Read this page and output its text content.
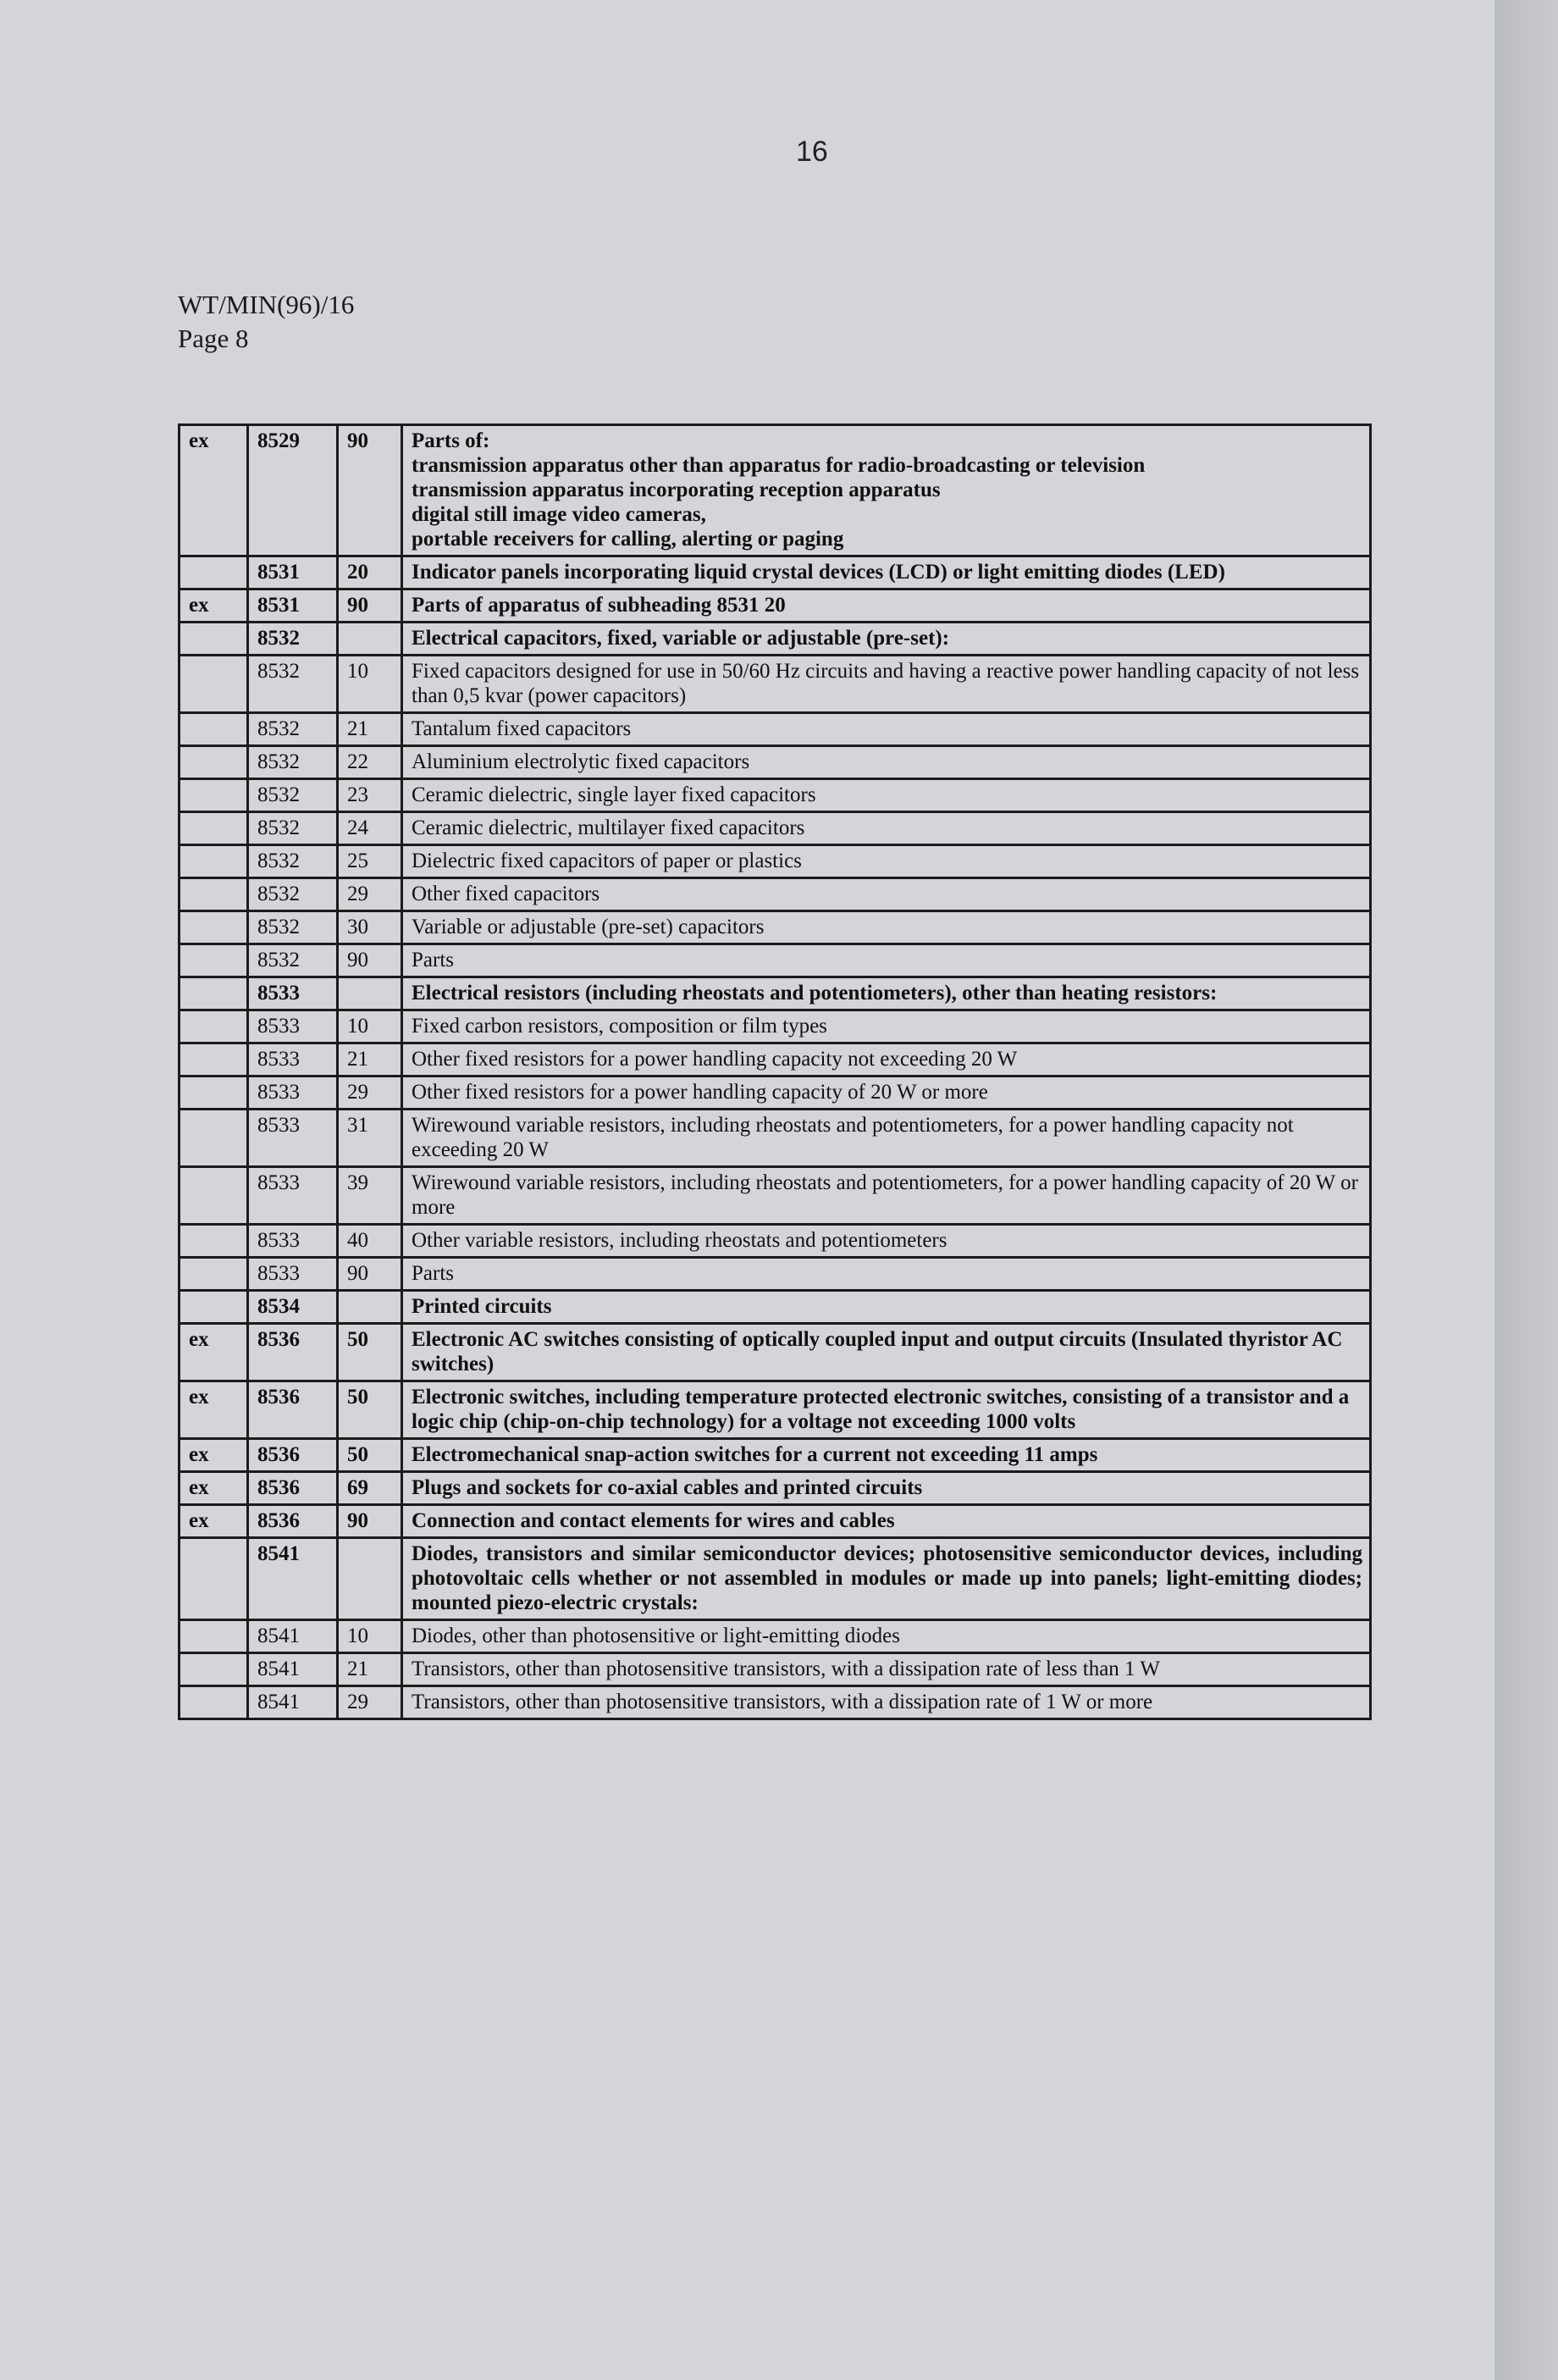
16
WT/MIN(96)/16
Page 8
ex	8529	90	Parts of:
transmission apparatus other than apparatus for radio-broadcasting or television
transmission apparatus incorporating reception apparatus
digital still image video cameras,
portable receivers for calling, alerting or paging

	8531	20	Indicator panels incorporating liquid crystal devices (LCD) or light emitting diodes (LED)

ex	8531	90	Parts of apparatus of subheading 8531 20

	8532		Electrical capacitors, fixed, variable or adjustable (pre-set):

	8532	10	Fixed capacitors designed for use in 50/60 Hz circuits and having a reactive power handling capacity of not less than 0,5 kvar (power capacitors)

	8532	21	Tantalum fixed capacitors

	8532	22	Aluminium electrolytic fixed capacitors

	8532	23	Ceramic dielectric, single layer fixed capacitors

	8532	24	Ceramic dielectric, multilayer fixed capacitors

	8532	25	Dielectric fixed capacitors of paper or plastics

	8532	29	Other fixed capacitors

	8532	30	Variable or adjustable (pre-set) capacitors

	8532	90	Parts

	8533		Electrical resistors (including rheostats and potentiometers), other than heating resistors:

	8533	10	Fixed carbon resistors, composition or film types

	8533	21	Other fixed resistors for a power handling capacity not exceeding 20 W

	8533	29	Other fixed resistors for a power handling capacity of 20 W or more

	8533	31	Wirewound variable resistors, including rheostats and potentiometers, for a power handling capacity not exceeding 20 W

	8533	39	Wirewound variable resistors, including rheostats and potentiometers, for a power handling capacity of 20 W or more

	8533	40	Other variable resistors, including rheostats and potentiometers

	8533	90	Parts

	8534		Printed circuits

ex	8536	50	Electronic AC switches consisting of optically coupled input and output circuits (Insulated thyristor AC switches)

ex	8536	50	Electronic switches, including temperature protected electronic switches, consisting of a transistor and a logic chip (chip-on-chip technology) for a voltage not exceeding 1000 volts

ex	8536	50	Electromechanical snap-action switches for a current not exceeding 11 amps

ex	8536	69	Plugs and sockets for co-axial cables and printed circuits

ex	8536	90	Connection and contact elements for wires and cables

	8541		Diodes, transistors and similar semiconductor devices; photosensitive semiconductor devices, including photovoltaic cells whether or not assembled in modules or made up into panels; light-emitting diodes; mounted piezo-electric crystals:

	8541	10	Diodes, other than photosensitive or light-emitting diodes

	8541	21	Transistors, other than photosensitive transistors, with a dissipation rate of less than 1 W

	8541	29	Transistors, other than photosensitive transistors, with a dissipation rate of 1 W or more
